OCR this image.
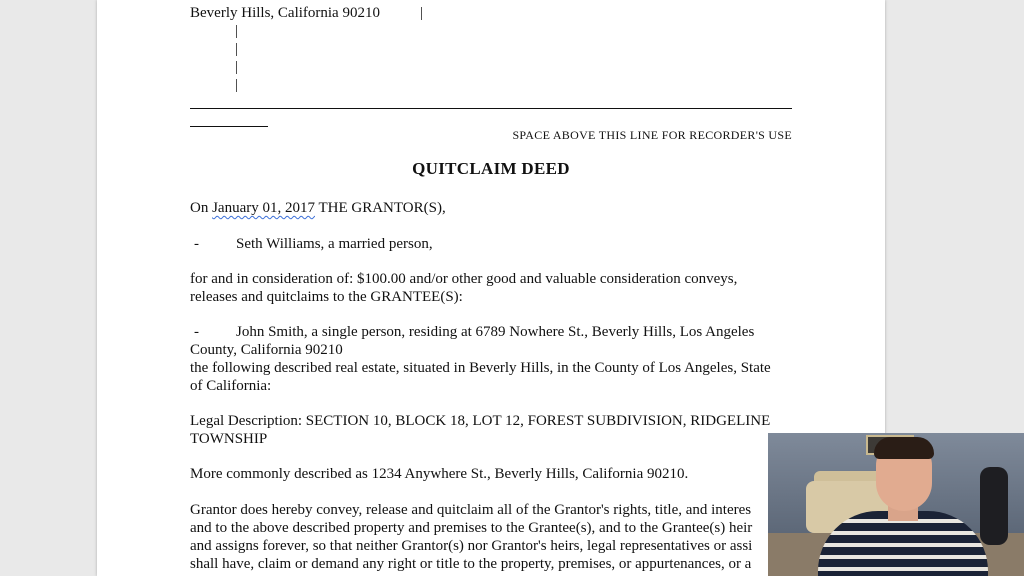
Beverly Hills, California 90210	|
|
|
|
|
SPACE ABOVE THIS LINE FOR RECORDER'S USE
QUITCLAIM DEED
On January 01, 2017 THE GRANTOR(S),
- Seth Williams, a married person,
for and in consideration of: $100.00 and/or other good and valuable consideration conveys,
releases and quitclaims to the GRANTEE(S):
- John Smith, a single person, residing at 6789 Nowhere St., Beverly Hills, Los Angeles
County, California 90210
the following described real estate, situated in Beverly Hills, in the County of Los Angeles, State
of California:
Legal Description: SECTION 10, BLOCK 18, LOT 12, FOREST SUBDIVISION, RIDGELINE
TOWNSHIP
More commonly described as 1234 Anywhere St., Beverly Hills, California 90210.
Grantor does hereby convey, release and quitclaim all of the Grantor's rights, title, and interes
and to the above described property and premises to the Grantee(s), and to the Grantee(s) heir
and assigns forever, so that neither Grantor(s) nor Grantor's heirs, legal representatives or assi
shall have, claim or demand any right or title to the property, premises, or appurtenances, or a
